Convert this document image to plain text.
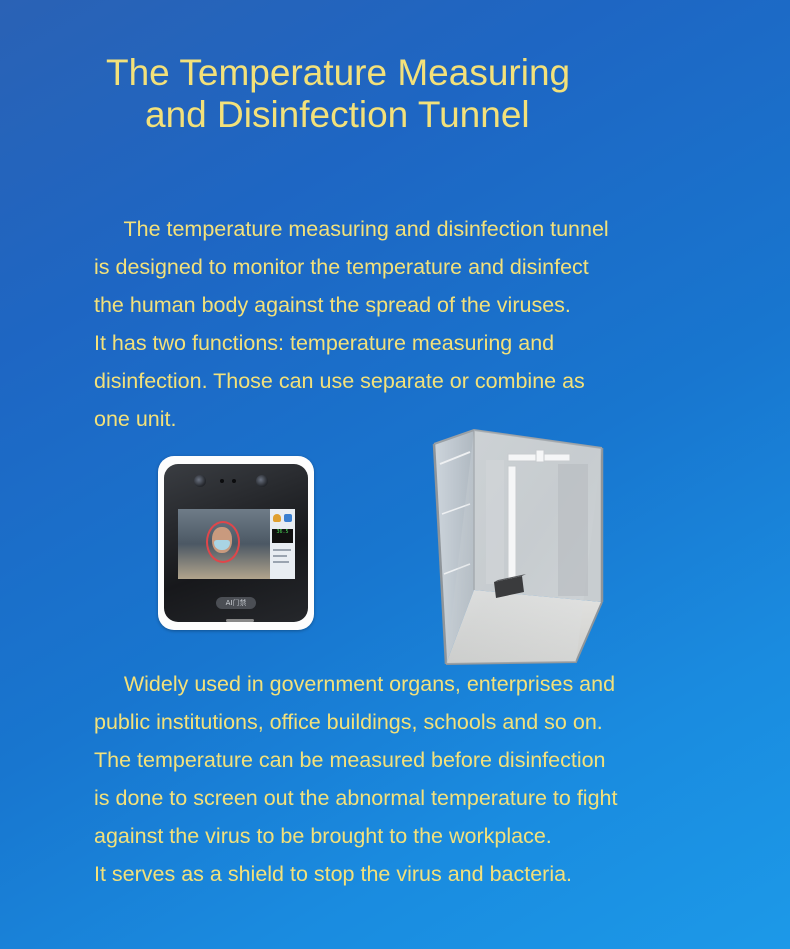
The Temperature Measuring
and Disinfection Tunnel
The temperature measuring and disinfection tunnel
is designed to monitor the temperature and disinfect
the human body against the spread of the viruses.
It has two functions: temperature measuring and
disinfection. Those can use separate or combine as
one unit.
36.5
AI门禁
Widely used in government organs, enterprises and
public institutions, office buildings, schools and so on.
The temperature can be measured before disinfection
is done to screen out the abnormal temperature to fight
against the virus to be brought to the workplace.
It serves as a shield to stop the virus and bacteria.
